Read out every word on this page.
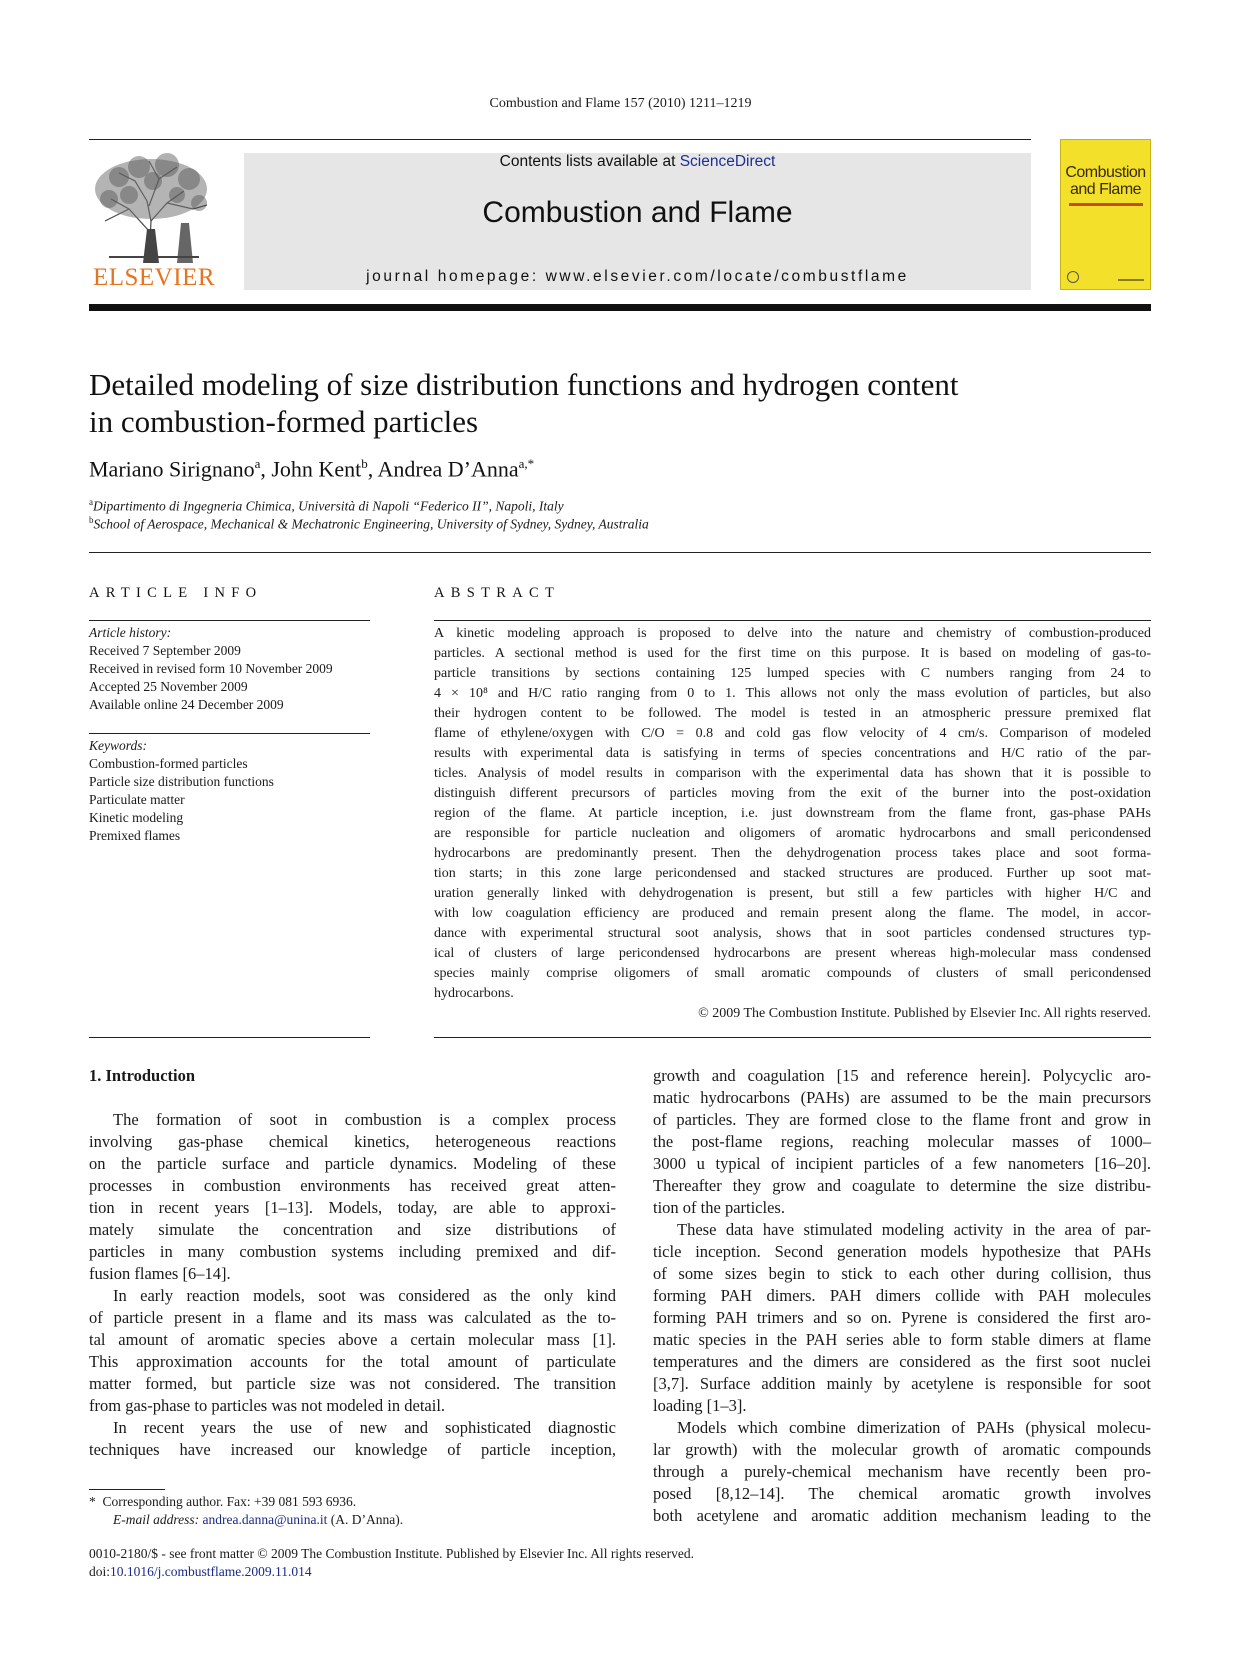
Combustion and Flame 157 (2010) 1211–1219
ELSEVIER
Contents lists available at ScienceDirect
Combustion and Flame
journal homepage: www.elsevier.com/locate/combustflame
Combustion and Flame
Detailed modeling of size distribution functions and hydrogen content
in combustion-formed particles
Mariano Sirignano$^a$, John Kent$^b$, Andrea D’Anna$^{a,*}$
$^a$Dipartimento di Ingegneria Chimica, Università di Napoli “Federico II”, Napoli, Italy
$^b$School of Aerospace, Mechanical & Mechatronic Engineering, University of Sydney, Sydney, Australia
ARTICLE INFO
Article history:
Received 7 September 2009
Received in revised form 10 November 2009
Accepted 25 November 2009
Available online 24 December 2009
Keywords:
Combustion-formed particles
Particle size distribution functions
Particulate matter
Kinetic modeling
Premixed flames
ABSTRACT
A kinetic modeling approach is proposed to delve into the nature and chemistry of combustion-produced
particles. A sectional method is used for the first time on this purpose. It is based on modeling of gas-to-
particle transitions by sections containing 125 lumped species with C numbers ranging from 24 to
4 × 10⁸ and H/C ratio ranging from 0 to 1. This allows not only the mass evolution of particles, but also
their hydrogen content to be followed. The model is tested in an atmospheric pressure premixed flat
flame of ethylene/oxygen with C/O = 0.8 and cold gas flow velocity of 4 cm/s. Comparison of modeled
results with experimental data is satisfying in terms of species concentrations and H/C ratio of the par-
ticles. Analysis of model results in comparison with the experimental data has shown that it is possible to
distinguish different precursors of particles moving from the exit of the burner into the post-oxidation
region of the flame. At particle inception, i.e. just downstream from the flame front, gas-phase PAHs
are responsible for particle nucleation and oligomers of aromatic hydrocarbons and small pericondensed
hydrocarbons are predominantly present. Then the dehydrogenation process takes place and soot forma-
tion starts; in this zone large pericondensed and stacked structures are produced. Further up soot mat-
uration generally linked with dehydrogenation is present, but still a few particles with higher H/C and
with low coagulation efficiency are produced and remain present along the flame. The model, in accor-
dance with experimental structural soot analysis, shows that in soot particles condensed structures typ-
ical of clusters of large pericondensed hydrocarbons are present whereas high-molecular mass condensed
species mainly comprise oligomers of small aromatic compounds of clusters of small pericondensed
hydrocarbons.
© 2009 The Combustion Institute. Published by Elsevier Inc. All rights reserved.
1. Introduction
The formation of soot in combustion is a complex process
involving gas-phase chemical kinetics, heterogeneous reactions
on the particle surface and particle dynamics. Modeling of these
processes in combustion environments has received great atten-
tion in recent years [1–13]. Models, today, are able to approxi-
mately simulate the concentration and size distributions of
particles in many combustion systems including premixed and dif-
fusion flames [6–14].
In early reaction models, soot was considered as the only kind
of particle present in a flame and its mass was calculated as the to-
tal amount of aromatic species above a certain molecular mass [1].
This approximation accounts for the total amount of particulate
matter formed, but particle size was not considered. The transition
from gas-phase to particles was not modeled in detail.
In recent years the use of new and sophisticated diagnostic
techniques have increased our knowledge of particle inception,
growth and coagulation [15 and reference herein]. Polycyclic aro-
matic hydrocarbons (PAHs) are assumed to be the main precursors
of particles. They are formed close to the flame front and grow in
the post-flame regions, reaching molecular masses of 1000–
3000 u typical of incipient particles of a few nanometers [16–20].
Thereafter they grow and coagulate to determine the size distribu-
tion of the particles.
These data have stimulated modeling activity in the area of par-
ticle inception. Second generation models hypothesize that PAHs
of some sizes begin to stick to each other during collision, thus
forming PAH dimers. PAH dimers collide with PAH molecules
forming PAH trimers and so on. Pyrene is considered the first aro-
matic species in the PAH series able to form stable dimers at flame
temperatures and the dimers are considered as the first soot nuclei
[3,7]. Surface addition mainly by acetylene is responsible for soot
loading [1–3].
Models which combine dimerization of PAHs (physical molecu-
lar growth) with the molecular growth of aromatic compounds
through a purely-chemical mechanism have recently been pro-
posed [8,12–14]. The chemical aromatic growth involves
both acetylene and aromatic addition mechanism leading to the
* Corresponding author. Fax: +39 081 593 6936.
E-mail address: andrea.danna@unina.it (A. D’Anna).
0010-2180/$ - see front matter © 2009 The Combustion Institute. Published by Elsevier Inc. All rights reserved.
doi:10.1016/j.combustflame.2009.11.014
